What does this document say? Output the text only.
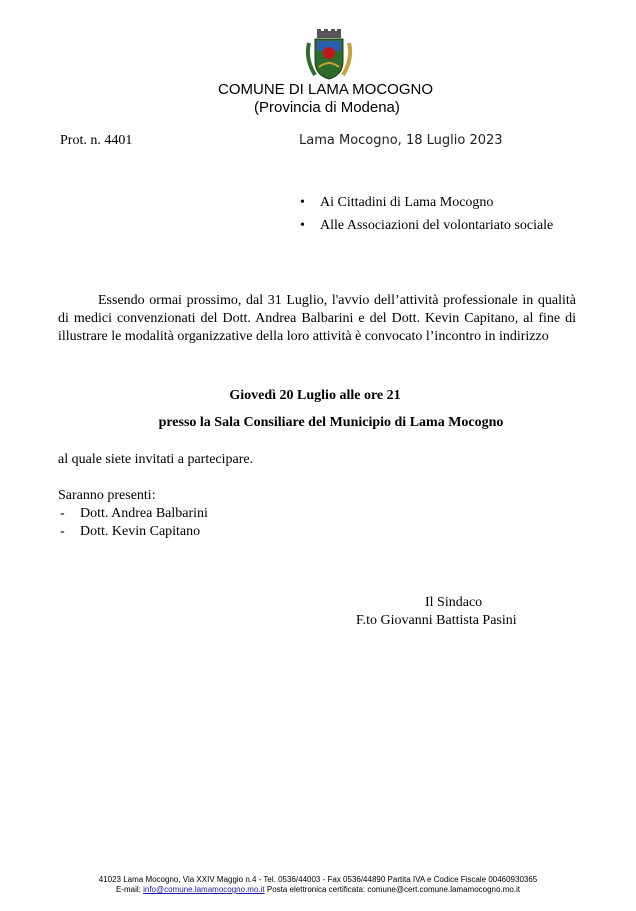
COMUNE DI LAMA MOCOGNO
(Provincia di Modena)
Prot. n. 4401	Lama Mocogno, 18 Luglio 2023
• Ai Cittadini di Lama Mocogno
• Alle Associazioni del volontariato sociale

Essendo ormai prossimo, dal 31 Luglio, l'avvio dell’attività professionale in qualità di medici convenzionati del Dott. Andrea Balbarini e del Dott. Kevin Capitano, al fine di illustrare le modalità organizzative della loro attività è convocato l’incontro in indirizzo

Giovedì 20 Luglio alle ore 21
presso la Sala Consiliare del Municipio di Lama Mocogno
al quale siete invitati a partecipare.
Saranno presenti:
- Dott. Andrea Balbarini
- Dott. Kevin Capitano
Il Sindaco
F.to Giovanni Battista Pasini
41023 Lama Mocogno, Via XXIV Maggio n.4 - Tel. 0536/44003 - Fax 0536/44890 Partita IVA e Codice Fiscale 00460930365
E-mail: info@comune.lamamocogno.mo.it Posta elettronica certificata: comune@cert.comune.lamamocogno.mo.it
